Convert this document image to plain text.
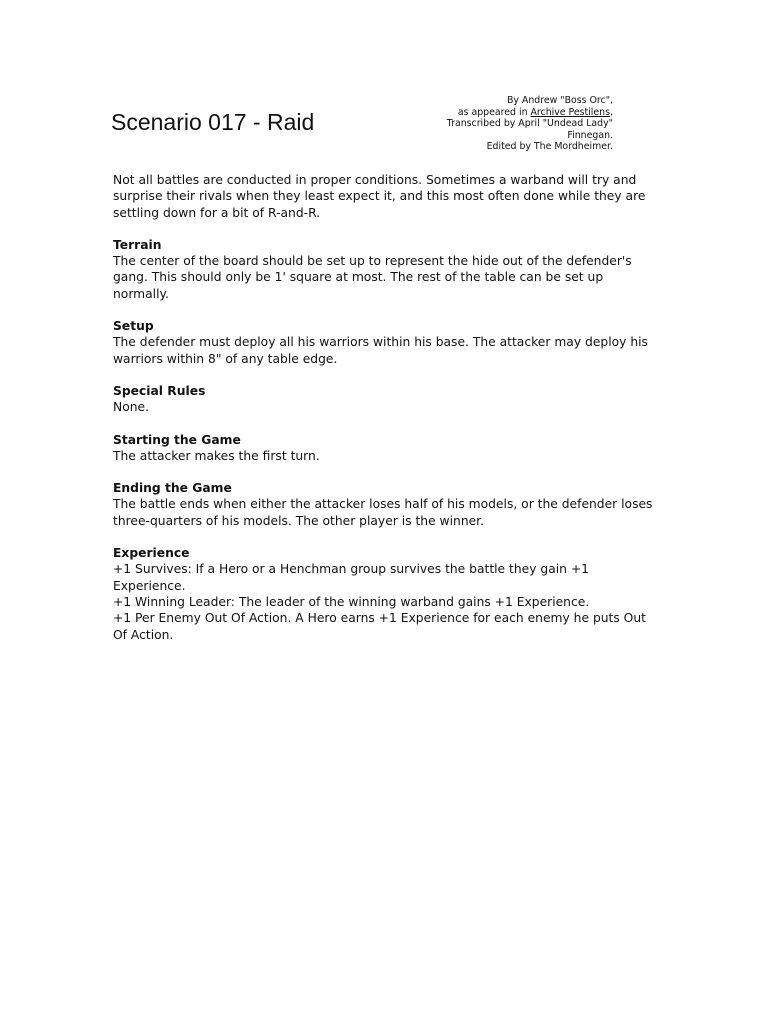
Scenario 017 - Raid
By Andrew "Boss Orc",
as appeared in Archive Pestilens,
Transcribed by April "Undead Lady"
Finnegan.
Edited by The Mordheimer.

Not all battles are conducted in proper conditions. Sometimes a warband will try and surprise their rivals when they least expect it, and this most often done while they are settling down for a bit of R-and-R.

Terrain

The center of the board should be set up to represent the hide out of the defender's gang. This should only be 1' square at most. The rest of the table can be set up normally.

Setup

The defender must deploy all his warriors within his base. The attacker may deploy his warriors within 8" of any table edge.

Special Rules

None.

Starting the Game

The attacker makes the first turn.

Ending the Game

The battle ends when either the attacker loses half of his models, or the defender loses three-quarters of his models. The other player is the winner.

Experience

+1 Survives: If a Hero or a Henchman group survives the battle they gain +1 Experience.

+1 Winning Leader: The leader of the winning warband gains +1 Experience.

+1 Per Enemy Out Of Action. A Hero earns +1 Experience for each enemy he puts Out Of Action.
